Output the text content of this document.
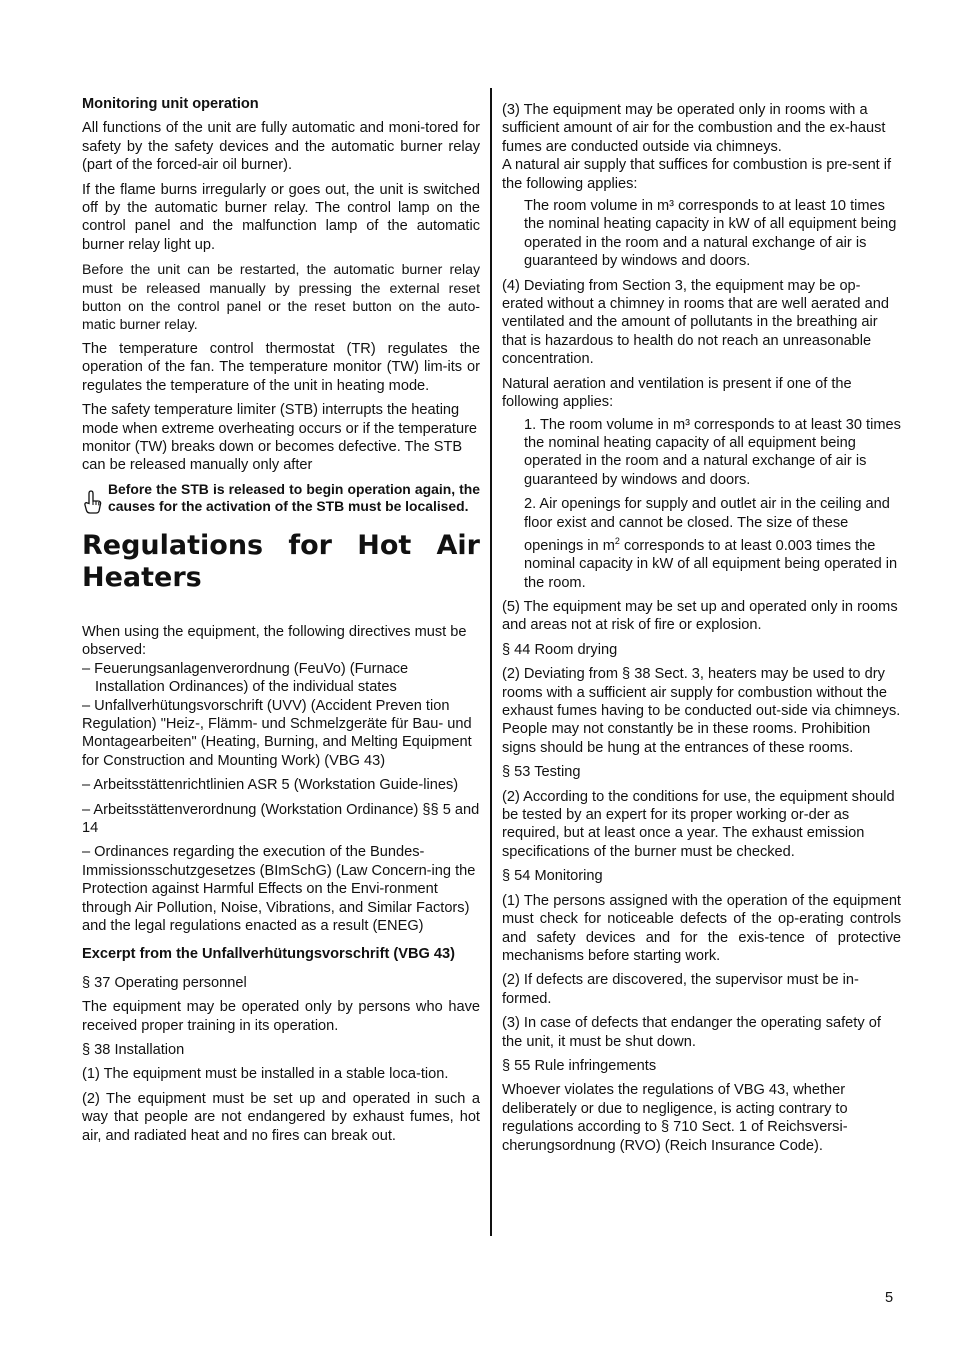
Monitoring unit operation

All functions of the unit are fully automatic and moni-tored for safety by the safety devices and the automatic burner relay (part of the forced-air oil burner).

If the flame burns irregularly or goes out, the unit is switched off by the automatic burner relay. The control lamp on the control panel and the malfunction lamp of the automatic burner relay light up.

Before the unit can be restarted, the automatic burner relay must be released manually by pressing the external reset button on the control panel or the reset button on the auto-matic burner relay.

The temperature control thermostat (TR) regulates the operation of the fan. The temperature monitor (TW) lim-its or regulates the temperature of the unit in heating mode.

The safety temperature limiter (STB) interrupts the heating mode when extreme overheating occurs or if the temperature monitor (TW) breaks down or becomes defective. The STB can be released manually only after

Before the STB is released to begin operation again, the causes for the activation of the STB must be localised.
Regulations for Hot Air Heaters

When using the equipment, the following directives must be observed:

– Feuerungsanlagenverordnung (FeuVo) (Furnace
Installation Ordinances) of the individual states

– Unfallverhütungsvorschrift (UVV) (Accident Preven tion Regulation) "Heiz-, Flämm- und Schmelzgeräte für Bau- und Montagearbeiten" (Heating, Burning, and Melting Equipment for Construction and Mounting Work) (VBG 43)

– Arbeitsstättenrichtlinien ASR 5 (Workstation Guide-lines)

– Arbeitsstättenverordnung (Workstation Ordinance) §§ 5 and 14

– Ordinances regarding the execution of the Bundes-Immissionsschutzgesetzes (BImSchG) (Law Concern-ing the Protection against Harmful Effects on the Envi-ronment through Air Pollution, Noise, Vibrations, and Similar Factors) and the legal regulations enacted as a result (ENEG)

Excerpt from the Unfallverhütungsvorschrift (VBG 43)

§ 37 Operating personnel

The equipment may be operated only by persons who have received proper training in its operation.

§ 38 Installation

(1) The equipment must be installed in a stable loca-tion.

(2) The equipment must be set up and operated in such a way that people are not endangered by exhaust fumes, hot air, and radiated heat and no fires can break out.

(3) The equipment may be operated only in rooms with a sufficient amount of air for the combustion and the ex-haust fumes are conducted outside via chimneys.

A natural air supply that suffices for combustion is pre-sent if the following applies:

The room volume in m³ corresponds to at least 10 times the nominal heating capacity in kW of all equipment being operated in the room and a natural exchange of air is guaranteed by windows and doors.

(4) Deviating from Section 3, the equipment may be op-erated without a chimney in rooms that are well aerated and ventilated and the amount of pollutants in the breathing air that is hazardous to health do not reach an unreasonable concentration.

Natural aeration and ventilation is present if one of the following applies:

1. The room volume in m³ corresponds to at least 30 times the nominal heating capacity of all equipment being operated in the room and a natural exchange of air is guaranteed by windows and doors.

2. Air openings for supply and outlet air in the ceiling and floor exist and cannot be closed. The size of these openings in $m^2$ corresponds to at least 0.003 times the nominal capacity in kW of all equipment being operated in the room.

(5) The equipment may be set up and operated only in rooms and areas not at risk of fire or explosion.

§ 44 Room drying

(2) Deviating from § 38 Sect. 3, heaters may be used to dry rooms with a sufficient air supply for combustion without the exhaust fumes having to be conducted out-side via chimneys. People may not constantly be in these rooms. Prohibition signs should be hung at the entrances of these rooms.

§ 53 Testing

(2) According to the conditions for use, the equipment should be tested by an expert for its proper working or-der as required, but at least once a year. The exhaust emission specifications of the burner must be checked.

§ 54 Monitoring

(1) The persons assigned with the operation of the equipment must check for noticeable defects of the op-erating controls and safety devices and for the exis-tence of protective mechanisms before starting work.

(2) If defects are discovered, the supervisor must be in-formed.

(3) In case of defects that endanger the operating safety of the unit, it must be shut down.

§ 55 Rule infringements

Whoever violates the regulations of VBG 43, whether deliberately or due to negligence, is acting contrary to regulations according to § 710 Sect. 1 of Reichsversi-cherungsordnung (RVO) (Reich Insurance Code).

5
